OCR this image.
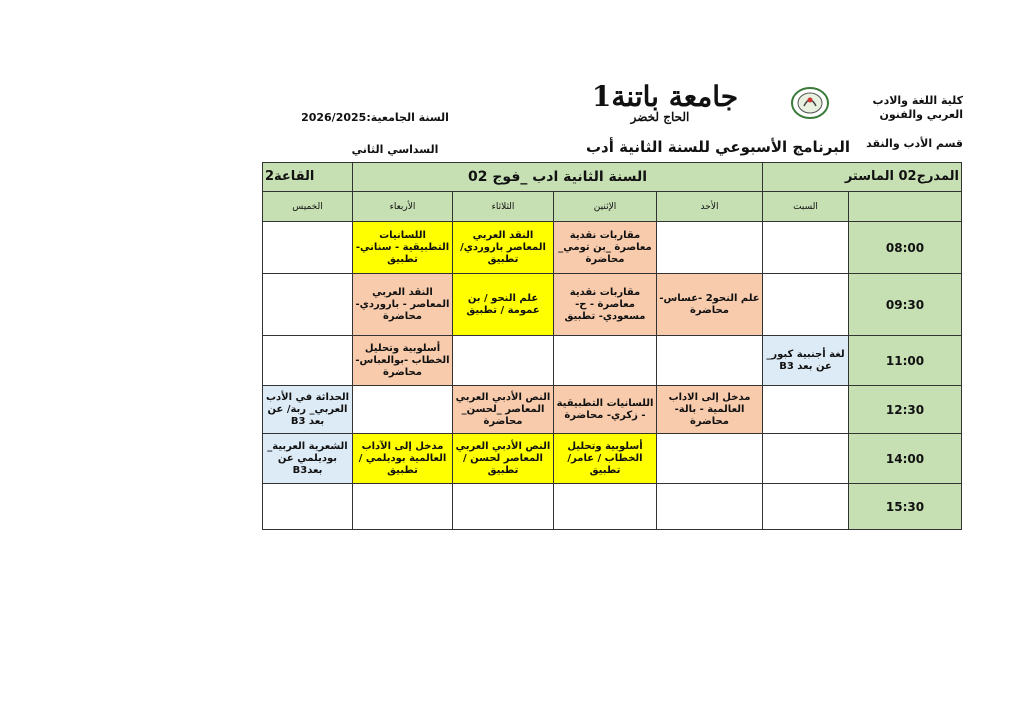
كلية اللغة والادب العربي والفنون
قسم الأدب والنقد
جامعة باتنة1
الحاج لخضر
السنة الجامعية:2026/2025
البرنامج الأسبوعي للسنة الثانية أدب
السداسي الثاني
المدرج02 الماستر		السنة الثانية ادب _فوج 02				القاعة2
	السبت	الأحد	الإثنين	الثلاثاء	الأربعاء	الخميس
08:00			مقاربات نقدية معاصرة _بن تومي_ محاضرة	النقد العربي المعاصر باروردي/ تطبيق	اللسانيات التطبيقية - سناني- تطبيق	
09:30		علم النحو2 -عساس- محاضرة	مقاربات نقدية معاصرة - ح-مسعودي- تطبيق	علم النحو / بن عمومة / تطبيق	النقد العربي المعاصر - باروردي- محاضرة	
11:00	لغة أجنبية كبور_ عن بعد B3				أسلوبية وتحليل الخطاب -بوالعباس- محاضرة	
12:30		مدخل إلى الاداب العالمية - بالة- محاضرة	اللسانيات التطبيقية - زكري- محاضرة	النص الأدبي العربي المعاصر _لحسن_ محاضرة		الحداثة في الأدب العربي_ ربة/ عن بعد B3
14:00			أسلوبية وتحليل الخطاب / عامر/ تطبيق	النص الأدبي العربي المعاصر لحسن / تطبيق	مدخل إلى الآداب العالمية بوديلمي / تطبيق	الشعرية العربية_ بوديلمي عن بعدB3
15:30						
